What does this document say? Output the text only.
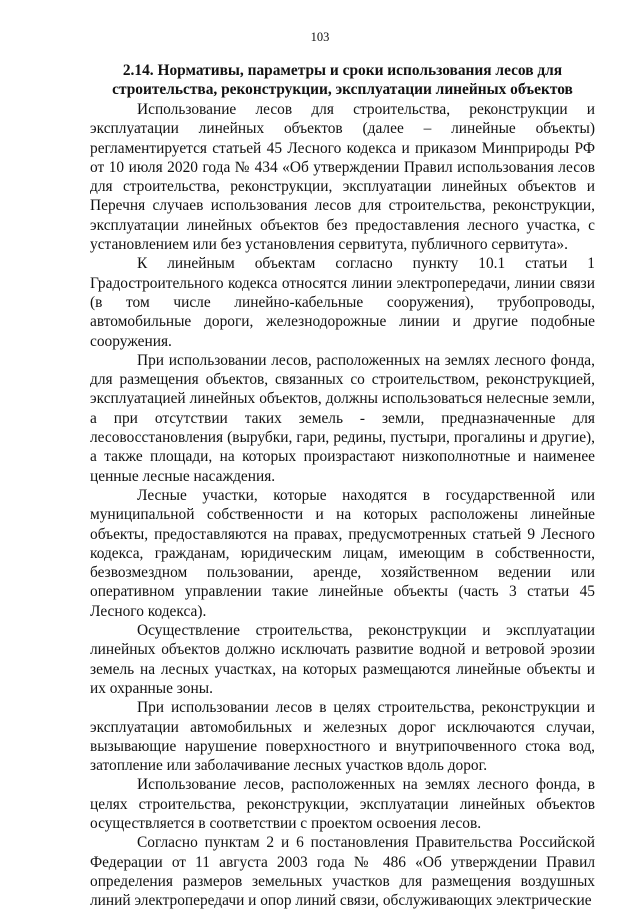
103
2.14. Нормативы, параметры и сроки использования лесов для строительства, реконструкции, эксплуатации линейных объектов

Использование лесов для строительства, реконструкции и эксплуатации линейных объектов (далее – линейные объекты) регламентируется статьей 45 Лесного кодекса и приказом Минприроды РФ от 10 июля 2020 года № 434 «Об утверждении Правил использования лесов для строительства, реконструкции, эксплуатации линейных объектов и Перечня случаев использования лесов для строительства, реконструкции, эксплуатации линейных объектов без предоставления лесного участка, с установлением или без установления сервитута, публичного сервитута».

К линейным объектам согласно пункту 10.1 статьи 1 Градостроительного кодекса относятся линии электропередачи, линии связи (в том числе линейно-кабельные сооружения), трубопроводы, автомобильные дороги, железнодорожные линии и другие подобные сооружения.

При использовании лесов, расположенных на землях лесного фонда, для размещения объектов, связанных со строительством, реконструкцией, эксплуатацией линейных объектов, должны использоваться нелесные земли, а при отсутствии таких земель - земли, предназначенные для лесовосстановления (вырубки, гари, редины, пустыри, прогалины и другие), а также площади, на которых произрастают низкополнотные и наименее ценные лесные насаждения.

Лесные участки, которые находятся в государственной или муниципальной собственности и на которых расположены линейные объекты, предоставляются на правах, предусмотренных статьей 9 Лесного кодекса, гражданам, юридическим лицам, имеющим в собственности, безвозмездном пользовании, аренде, хозяйственном ведении или оперативном управлении такие линейные объекты (часть 3 статьи 45 Лесного кодекса).

Осуществление строительства, реконструкции и эксплуатации линейных объектов должно исключать развитие водной и ветровой эрозии земель на лесных участках, на которых размещаются линейные объекты и их охранные зоны.

При использовании лесов в целях строительства, реконструкции и эксплуатации автомобильных и железных дорог исключаются случаи, вызывающие нарушение поверхностного и внутрипочвенного стока вод, затопление или заболачивание лесных участков вдоль дорог.

Использование лесов, расположенных на землях лесного фонда, в целях строительства, реконструкции, эксплуатации линейных объектов осуществляется в соответствии с проектом освоения лесов.

Согласно пунктам 2 и 6 постановления Правительства Российской Федерации от 11 августа 2003 года № 486 «Об утверждении Правил определения размеров земельных участков для размещения воздушных линий электропередачи и опор линий связи, обслуживающих электрические
